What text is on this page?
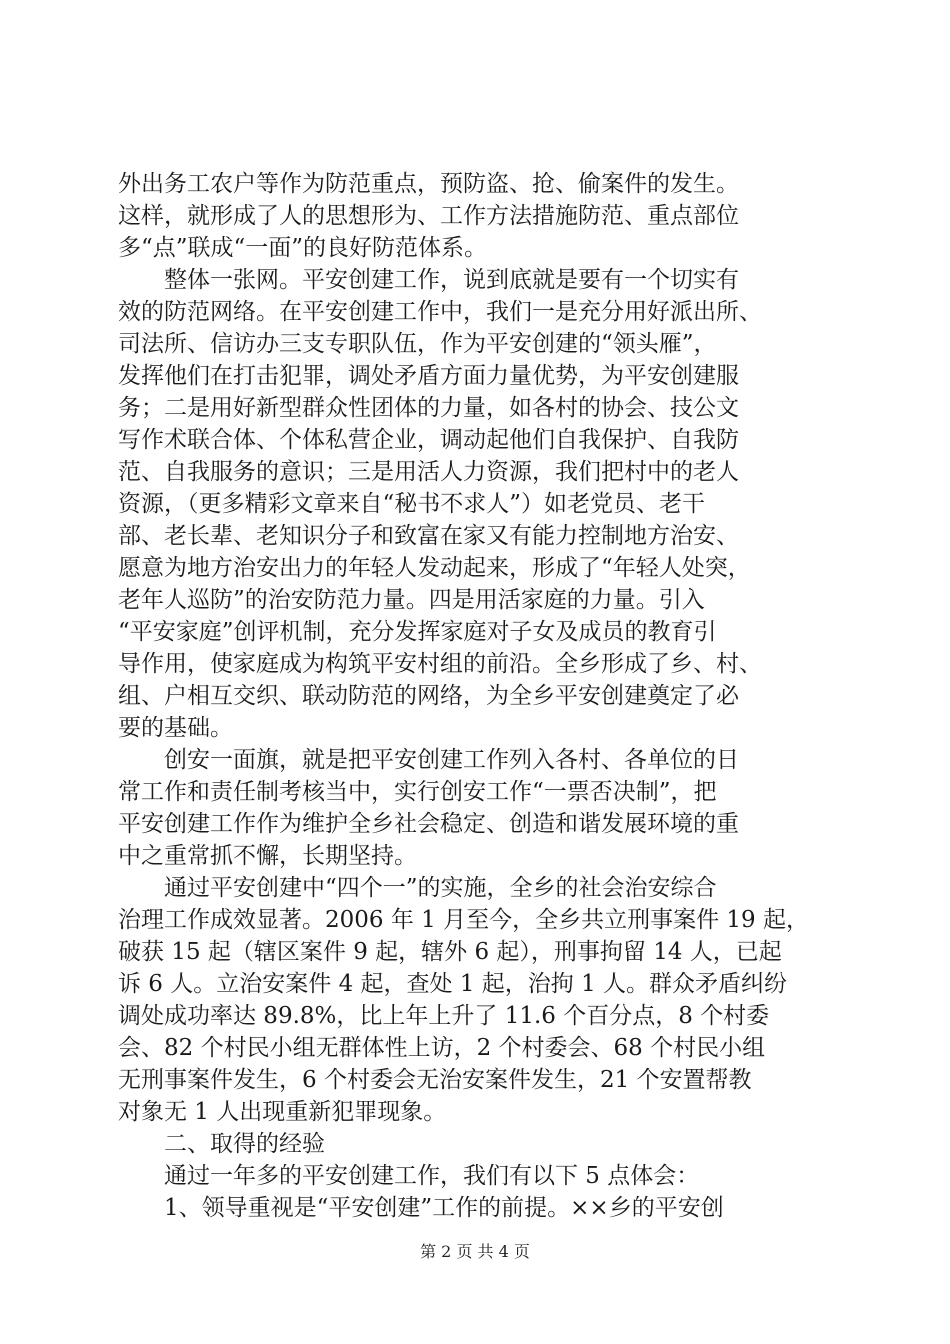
外出务工农户等作为防范重点，预防盗、抢、偷案件的发生。
这样，就形成了人的思想形为、工作方法措施防范、重点部位
多“点”联成“一面”的良好防范体系。
　　整体一张网。平安创建工作，说到底就是要有一个切实有
效的防范网络。在平安创建工作中，我们一是充分用好派出所、
司法所、信访办三支专职队伍，作为平安创建的“领头雁”，
发挥他们在打击犯罪，调处矛盾方面力量优势，为平安创建服
务；二是用好新型群众性团体的力量，如各村的协会、技公文
写作术联合体、个体私营企业，调动起他们自我保护、自我防
范、自我服务的意识；三是用活人力资源，我们把村中的老人
资源，（更多精彩文章来自“秘书不求人”）如老党员、老干
部、老长辈、老知识分子和致富在家又有能力控制地方治安、
愿意为地方治安出力的年轻人发动起来，形成了“年轻人处突，
老年人巡防”的治安防范力量。四是用活家庭的力量。引入
“平安家庭”创评机制，充分发挥家庭对子女及成员的教育引
导作用，使家庭成为构筑平安村组的前沿。全乡形成了乡、村、
组、户相互交织、联动防范的网络，为全乡平安创建奠定了必
要的基础。
　　创安一面旗，就是把平安创建工作列入各村、各单位的日
常工作和责任制考核当中，实行创安工作“一票否决制”，把
平安创建工作作为维护全乡社会稳定、创造和谐发展环境的重
中之重常抓不懈，长期坚持。
　　通过平安创建中“四个一”的实施，全乡的社会治安综合
治理工作成效显著。2006 年 1 月至今，全乡共立刑事案件 19 起，
破获 15 起（辖区案件 9 起，辖外 6 起），刑事拘留 14 人，已起
诉 6 人。立治安案件 4 起，查处 1 起，治拘 1 人。群众矛盾纠纷
调处成功率达 89.8%，比上年上升了 11.6 个百分点，8 个村委
会、82 个村民小组无群体性上访，2 个村委会、68 个村民小组
无刑事案件发生，6 个村委会无治安案件发生，21 个安置帮教
对象无 1 人出现重新犯罪现象。
　　二、取得的经验
　　通过一年多的平安创建工作，我们有以下 5 点体会：
　　1、领导重视是“平安创建”工作的前提。××乡的平安创
第 2 页 共 4 页
